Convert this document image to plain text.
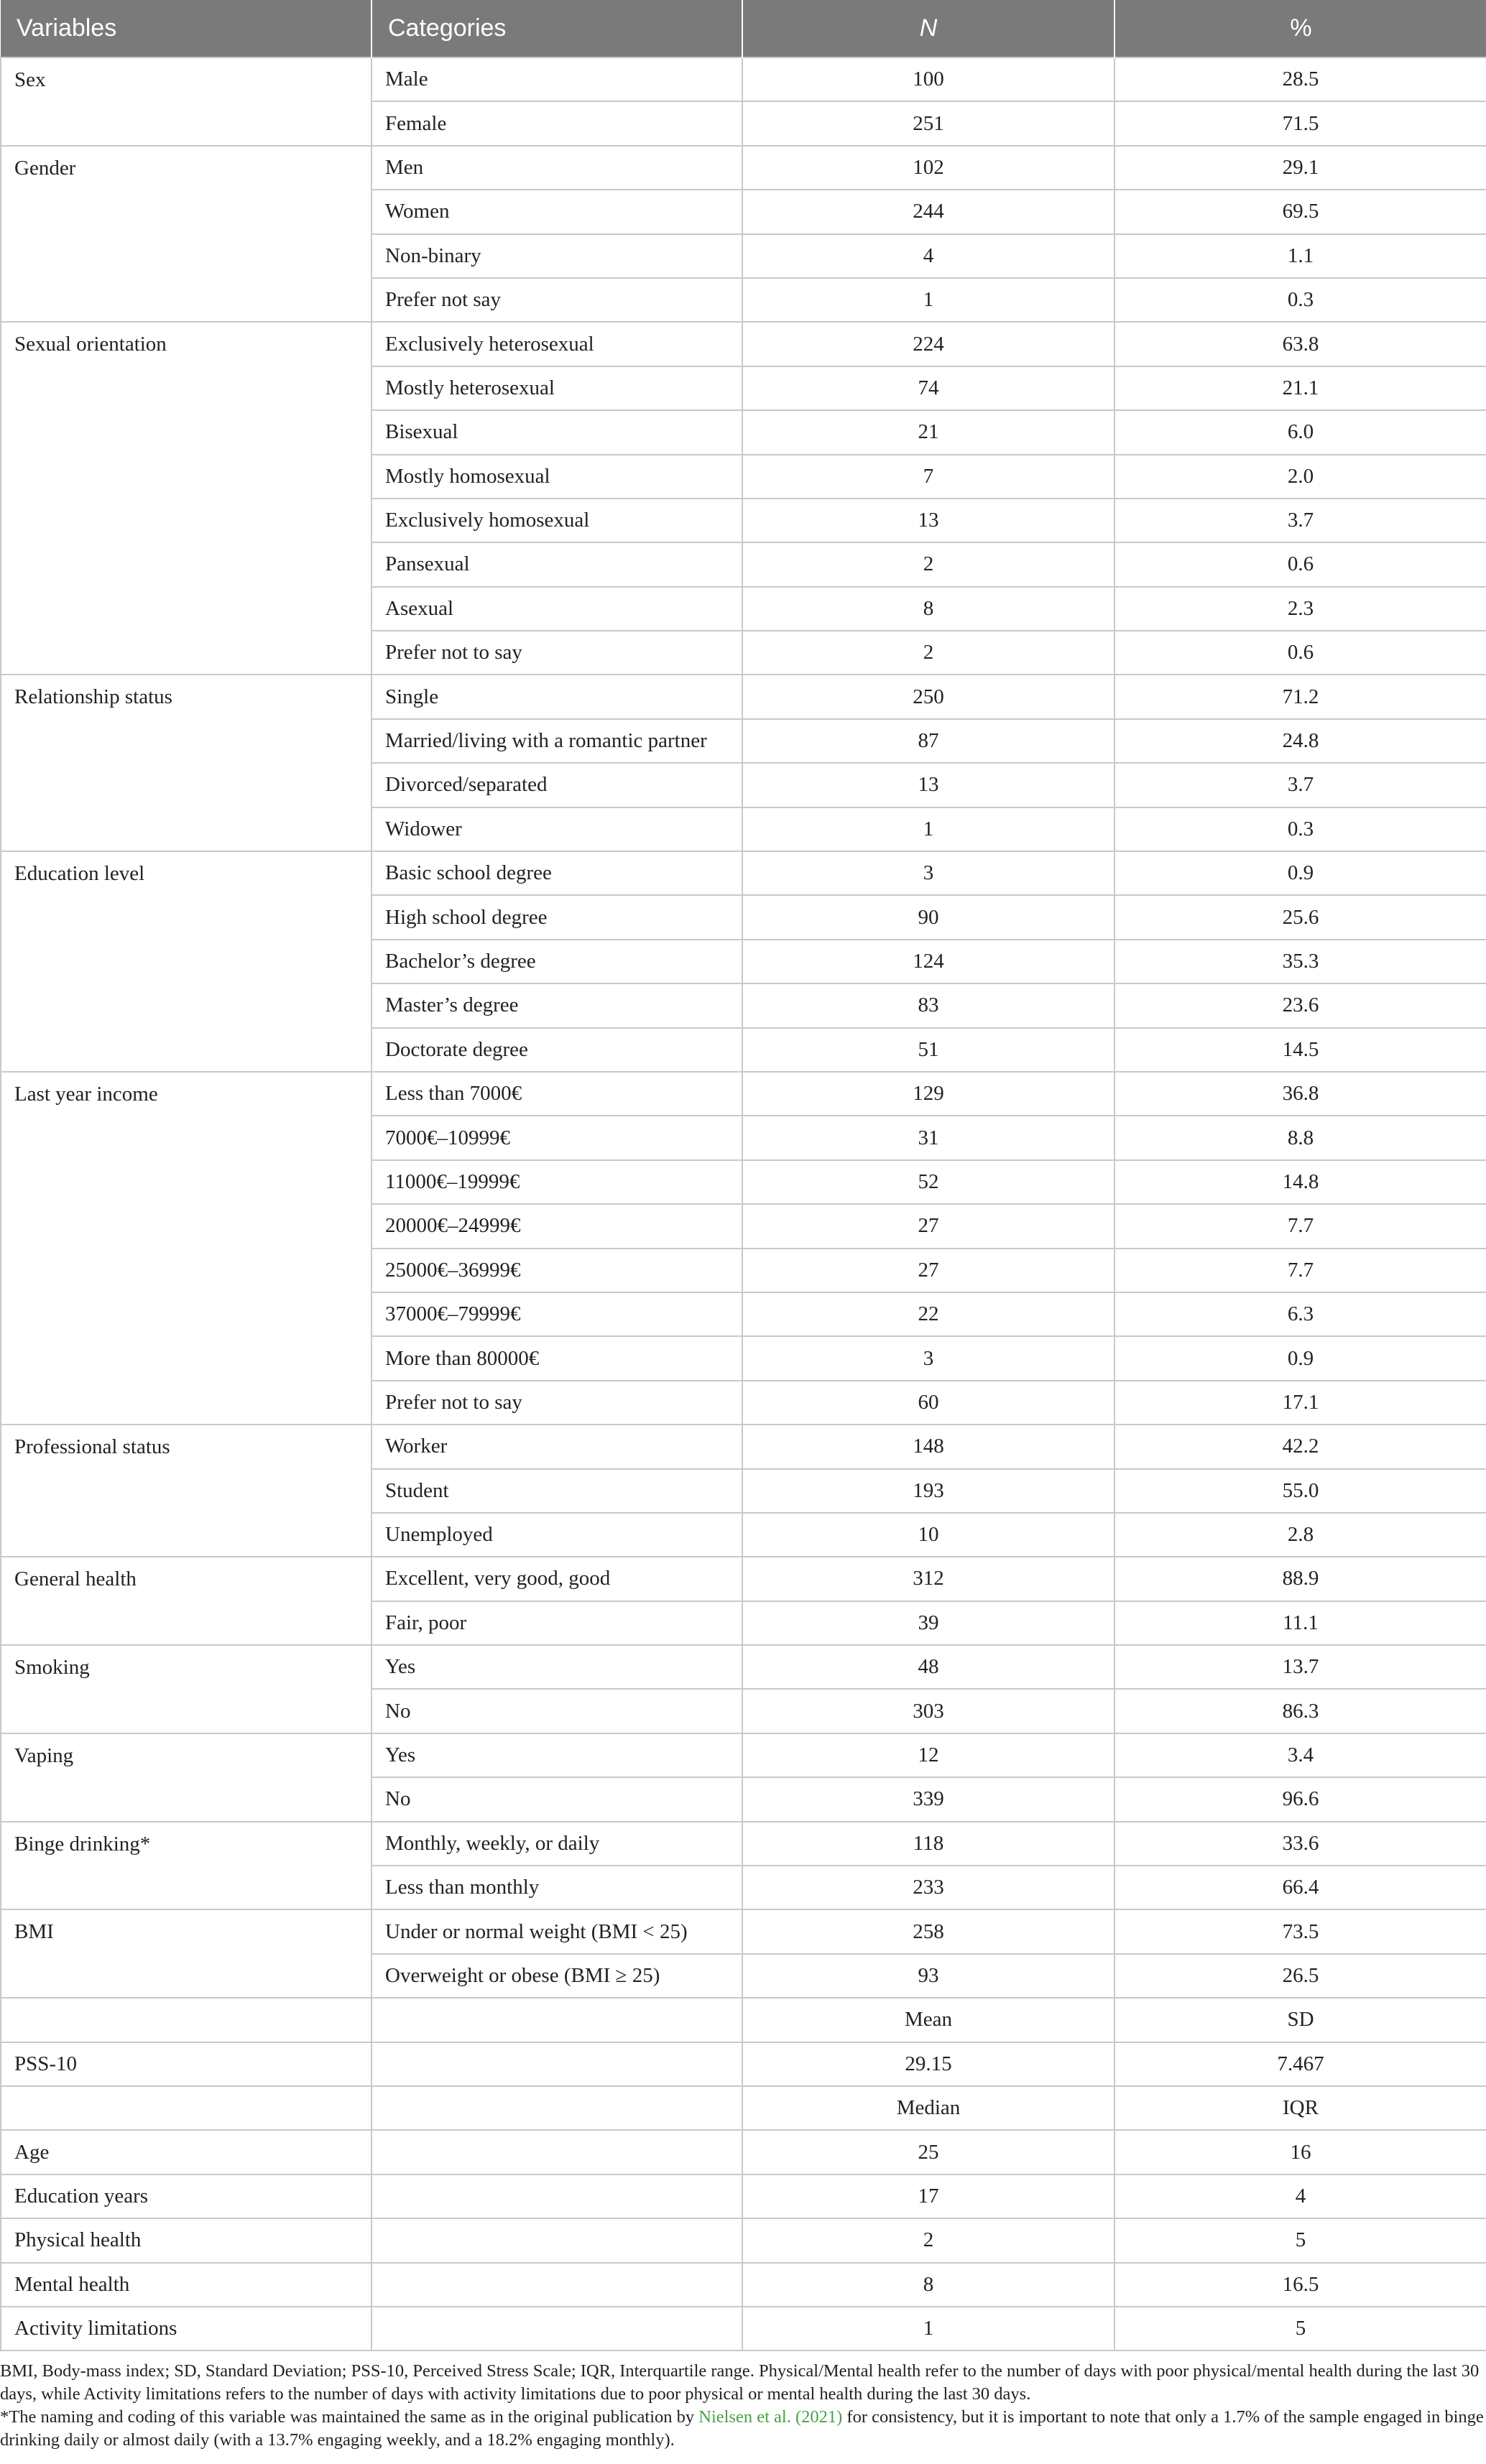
Variables	Categories	N	%
Sex	Male	100	28.5
	Female	251	71.5
Gender	Men	102	29.1
	Women	244	69.5
	Non-binary	4	1.1
	Prefer not say	1	0.3
Sexual orientation	Exclusively heterosexual	224	63.8
	Mostly heterosexual	74	21.1
	Bisexual	21	6.0
	Mostly homosexual	7	2.0
	Exclusively homosexual	13	3.7
	Pansexual	2	0.6
	Asexual	8	2.3
	Prefer not to say	2	0.6
Relationship status	Single	250	71.2
	Married/living with a romantic partner	87	24.8
	Divorced/separated	13	3.7
	Widower	1	0.3
Education level	Basic school degree	3	0.9
	High school degree	90	25.6
	Bachelor’s degree	124	35.3
	Master’s degree	83	23.6
	Doctorate degree	51	14.5
Last year income	Less than 7000€	129	36.8
	7000€–10999€	31	8.8
	11000€–19999€	52	14.8
	20000€–24999€	27	7.7
	25000€–36999€	27	7.7
	37000€–79999€	22	6.3
	More than 80000€	3	0.9
	Prefer not to say	60	17.1
Professional status	Worker	148	42.2
	Student	193	55.0
	Unemployed	10	2.8
General health	Excellent, very good, good	312	88.9
	Fair, poor	39	11.1
Smoking	Yes	48	13.7
	No	303	86.3
Vaping	Yes	12	3.4
	No	339	96.6
Binge drinking*	Monthly, weekly, or daily	118	33.6
	Less than monthly	233	66.4
BMI	Under or normal weight (BMI < 25)	258	73.5
	Overweight or obese (BMI ≥ 25)	93	26.5
		Mean	SD
PSS-10		29.15	7.467
		Median	IQR
Age		25	16
Education years		17	4
Physical health		2	5
Mental health		8	16.5
Activity limitations		1	5

BMI, Body-mass index; SD, Standard Deviation; PSS-10, Perceived Stress Scale; IQR, Interquartile range. Physical/Mental health refer to the number of days with poor physical/mental health during the last 30 days, while Activity limitations refers to the number of days with activity limitations due to poor physical or mental health during the last 30 days.

*The naming and coding of this variable was maintained the same as in the original publication by Nielsen et al. (2021) for consistency, but it is important to note that only a 1.7% of the sample engaged in binge drinking daily or almost daily (with a 13.7% engaging weekly, and a 18.2% engaging monthly).
